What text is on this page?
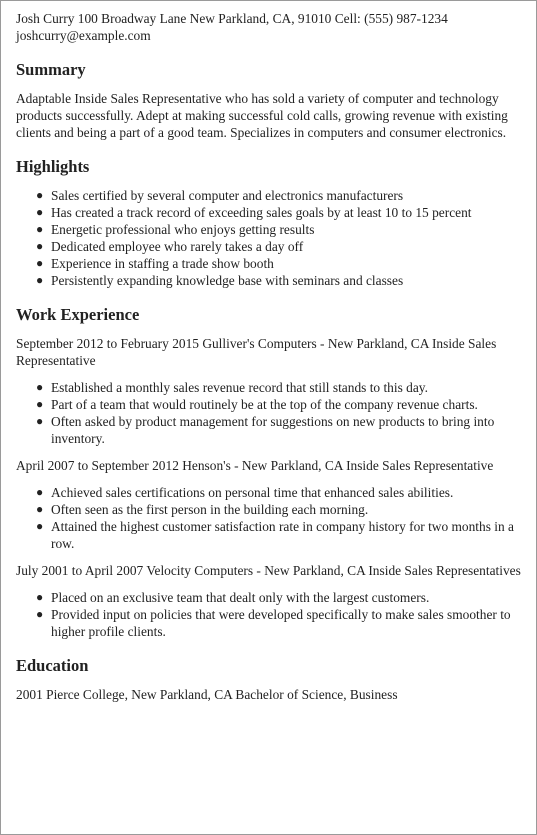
Josh Curry 100 Broadway Lane New Parkland, CA, 91010 Cell: (555) 987-1234

joshcurry@example.com

Summary

Adaptable Inside Sales Representative who has sold a variety of computer and technology products successfully. Adept at making successful cold calls, growing revenue with existing clients and being a part of a good team. Specializes in computers and consumer electronics.

Highlights
● Sales certified by several computer and electronics manufacturers
● Has created a track record of exceeding sales goals by at least 10 to 15 percent
● Energetic professional who enjoys getting results
● Dedicated employee who rarely takes a day off
● Experience in staffing a trade show booth
● Persistently expanding knowledge base with seminars and classes
Work Experience

September 2012 to February 2015 Gulliver's Computers - New Parkland, CA Inside Sales Representative

● Established a monthly sales revenue record that still stands to this day.
● Part of a team that would routinely be at the top of the company revenue charts.
● Often asked by product management for suggestions on new products to bring into inventory.

April 2007 to September 2012 Henson's - New Parkland, CA Inside Sales Representative

● Achieved sales certifications on personal time that enhanced sales abilities.
● Often seen as the first person in the building each morning.
● Attained the highest customer satisfaction rate in company history for two months in a row.

July 2001 to April 2007 Velocity Computers - New Parkland, CA Inside Sales Representatives

● Placed on an exclusive team that dealt only with the largest customers.
● Provided input on policies that were developed specifically to make sales smoother to higher profile clients.
Education

2001 Pierce College, New Parkland, CA Bachelor of Science, Business
